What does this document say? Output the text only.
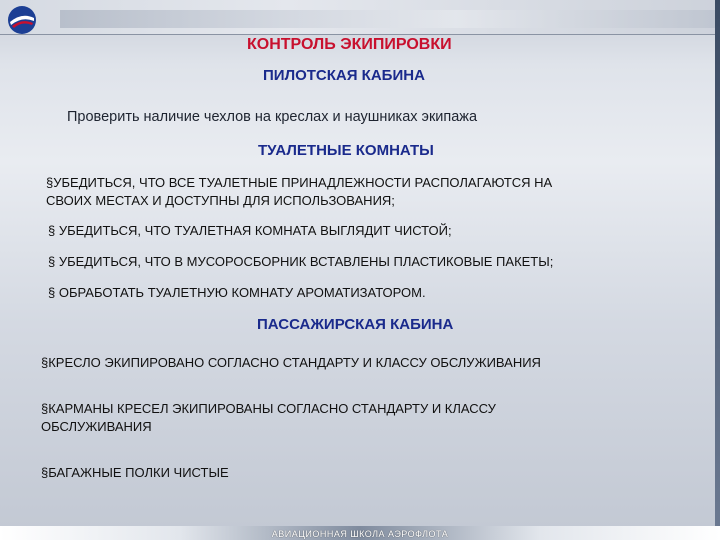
КОНТРОЛЬ ЭКИПИРОВКИ

ПИЛОТСКАЯ КАБИНА

Проверить наличие чехлов на креслах и наушниках экипажа

ТУАЛЕТНЫЕ КОМНАТЫ

§УБЕДИТЬСЯ, ЧТО ВСЕ ТУАЛЕТНЫЕ ПРИНАДЛЕЖНОСТИ РАСПОЛАГАЮТСЯ НА

СВОИХ МЕСТАХ И ДОСТУПНЫ ДЛЯ ИСПОЛЬЗОВАНИЯ;

§ УБЕДИТЬСЯ, ЧТО ТУАЛЕТНАЯ КОМНАТА ВЫГЛЯДИТ ЧИСТОЙ;

§ УБЕДИТЬСЯ, ЧТО В МУСОРОСБОРНИК ВСТАВЛЕНЫ ПЛАСТИКОВЫЕ ПАКЕТЫ;

§ ОБРАБОТАТЬ ТУАЛЕТНУЮ КОМНАТУ АРОМАТИЗАТОРОМ.

ПАССАЖИРСКАЯ КАБИНА

§КРЕСЛО ЭКИПИРОВАНО СОГЛАСНО СТАНДАРТУ И КЛАССУ ОБСЛУЖИВАНИЯ

§КАРМАНЫ КРЕСЕЛ ЭКИПИРОВАНЫ СОГЛАСНО СТАНДАРТУ И КЛАССУ

ОБСЛУЖИВАНИЯ

§БАГАЖНЫЕ ПОЛКИ ЧИСТЫЕ

АВИАЦИОННАЯ ШКОЛА АЭРОФЛОТА
